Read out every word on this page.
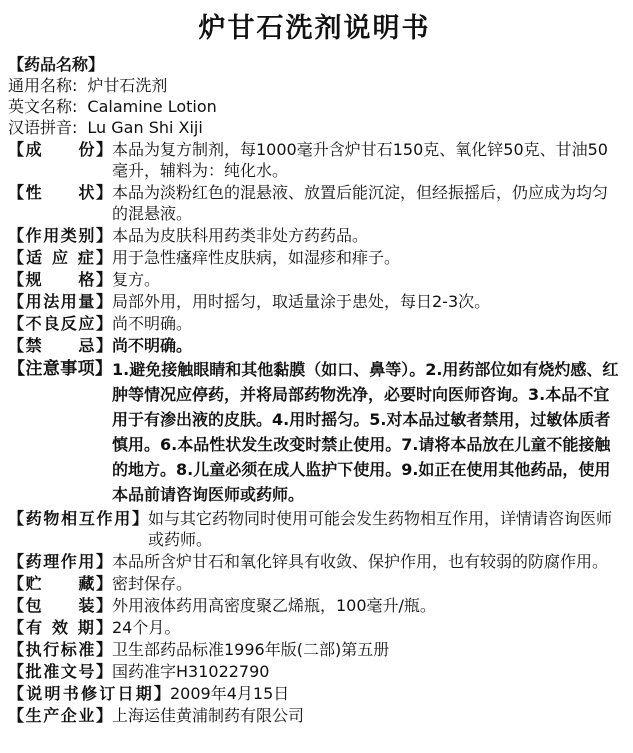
炉甘石洗剂说明书
【药品名称】
通用名称: 炉甘石洗剂
英文名称: Calamine Lotion
汉语拼音: Lu Gan Shi Xiji
【成　　份】 本品为复方制剂，每1000毫升含炉甘石150克、氧化锌50克、甘油50毫升，辅料为：纯化水。
【性　　状】 本品为淡粉红色的混悬液、放置后能沉淀，但经振摇后，仍应成为均匀的混悬液。
【作用类别】 本品为皮肤科用药类非处方药药品。
【适 应 症】 用于急性瘙痒性皮肤病，如湿疹和痱子。
【规　　格】 复方。
【用法用量】 局部外用，用时摇匀，取适量涂于患处，每日2-3次。
【不良反应】 尚不明确。
【禁　　忌】 尚不明确。
【注意事项】 1.避免接触眼睛和其他黏膜（如口、鼻等）。2.用药部位如有烧灼感、红肿等情况应停药，并将局部药物洗净，必要时向医师咨询。3.本品不宜用于有渗出液的皮肤。4.用时摇匀。5.对本品过敏者禁用，过敏体质者慎用。6.本品性状发生改变时禁止使用。7.请将本品放在儿童不能接触的地方。8.儿童必须在成人监护下使用。9.如正在使用其他药品，使用本品前请咨询医师或药师。
【药物相互作用】 如与其它药物同时使用可能会发生药物相互作用，详情请咨询医师或药师。
【药理作用】 本品所含炉甘石和氧化锌具有收敛、保护作用，也有较弱的防腐作用。
【贮　　藏】 密封保存。
【包　　装】 外用液体药用高密度聚乙烯瓶，100毫升/瓶。
【有 效 期】 24个月。
【执行标准】 卫生部药品标准1996年版(二部)第五册
【批准文号】 国药准字H31022790
【说明书修订日期】 2009年4月15日
【生产企业】 上海运佳黄浦制药有限公司
